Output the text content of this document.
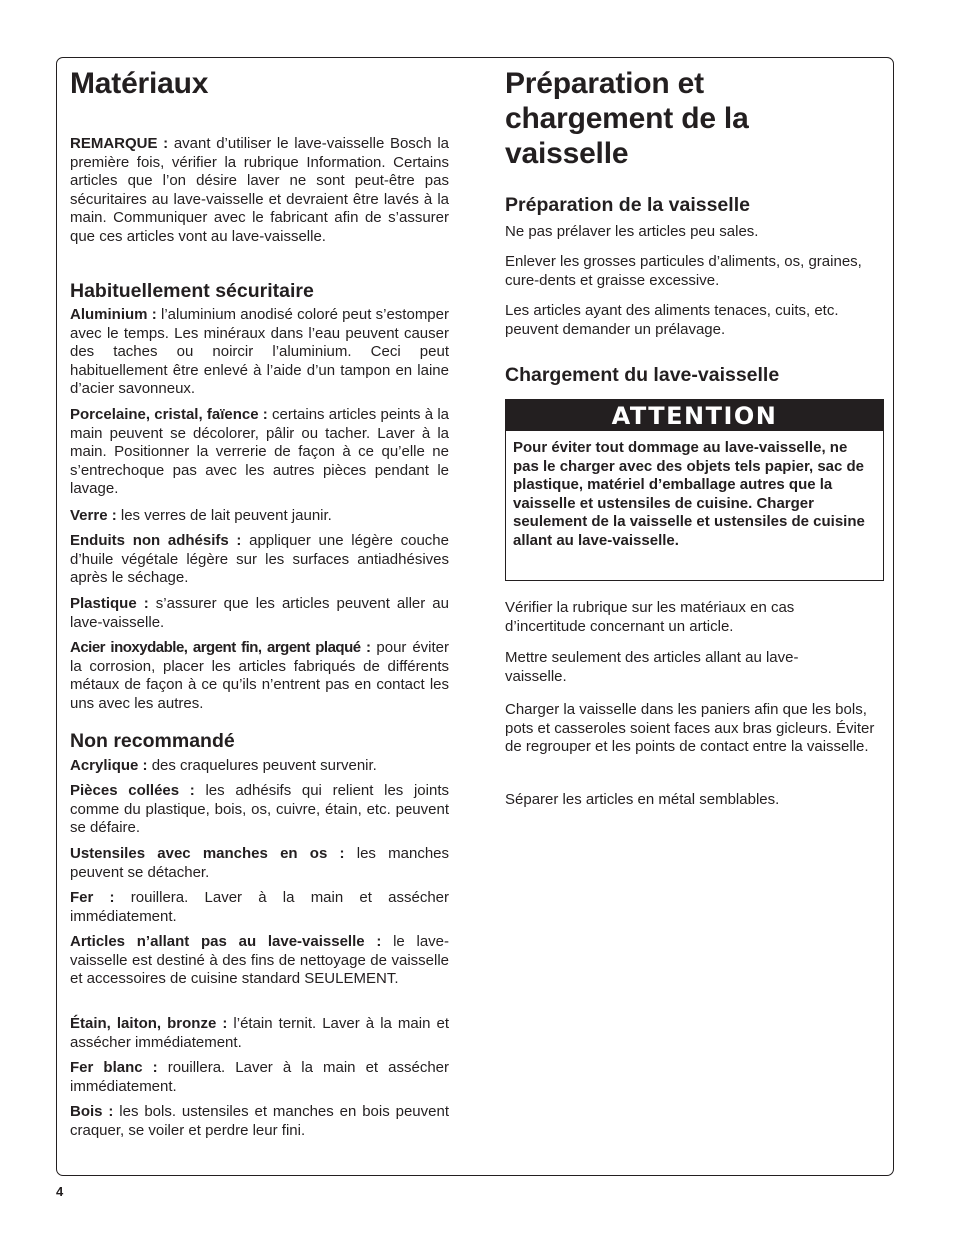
Matériaux

REMARQUE : avant d’utiliser le lave-vaisselle Bosch la première fois, vérifier la rubrique Information. Certains articles que l’on désire laver ne sont peut-être pas sécuritaires au lave-vaisselle et devraient être lavés à la main. Communiquer avec le fabricant afin de s’assurer que ces articles vont au lave-vaisselle.

Habituellement sécuritaire

Aluminium : l’aluminium anodisé coloré peut s’estomper avec le temps. Les minéraux dans l’eau peuvent causer des taches ou noircir l’aluminium. Ceci peut habituellement être enlevé à l’aide d’un tampon en laine d’acier savonneux.

Porcelaine, cristal, faïence : certains articles peints à la main peuvent se décolorer, pâlir ou tacher. Laver à la main. Positionner la verrerie de façon à ce qu’elle ne s’entrechoque pas avec les autres pièces pendant le lavage.

Verre : les verres de lait peuvent jaunir.

Enduits non adhésifs : appliquer une légère couche d’huile végétale légère sur les surfaces antiadhésives après le séchage.

Plastique : s’assurer que les articles peuvent aller au lave-vaisselle.

Acier inoxydable, argent fin, argent plaqué : pour éviter la corrosion, placer les articles fabriqués de différents métaux de façon à ce qu’ils n’entrent pas en contact les uns avec les autres.

Non recommandé

Acrylique : des craquelures peuvent survenir.

Pièces collées : les adhésifs qui relient les joints comme du plastique, bois, os, cuivre, étain, etc. peuvent se défaire.

Ustensiles avec manches en os : les manches peuvent se détacher.

Fer : rouillera. Laver à la main et assécher immédiatement.

Articles n’allant pas au lave-vaisselle : le lave-vaisselle est destiné à des fins de nettoyage de vaisselle et accessoires de cuisine standard SEULEMENT.

Étain, laiton, bronze : l’étain ternit. Laver à la main et assécher immédiatement.

Fer blanc : rouillera. Laver à la main et assécher immédiatement.

Bois : les bols. ustensiles et manches en bois peuvent craquer, se voiler et perdre leur fini.

Préparation et
chargement de la
vaisselle
Préparation de la vaisselle

Ne pas prélaver les articles peu sales.

Enlever les grosses particules d’aliments, os, graines, cure-dents et graisse excessive.

Les articles ayant des aliments tenaces, cuits, etc. peuvent demander un prélavage.

Chargement du lave-vaisselle
ATTENTION
Pour éviter tout dommage au lave-vaisselle, ne pas le charger avec des objets tels papier, sac de plastique, matériel d’emballage autres que la vaisselle et ustensiles de cuisine. Charger seulement de la vaisselle et ustensiles de cuisine allant au lave-vaisselle.

Vérifier la rubrique sur les matériaux en cas d’incertitude concernant un article.

Mettre seulement des articles allant au lave-vaisselle.

Charger la vaisselle dans les paniers afin que les bols, pots et casseroles soient faces aux bras gicleurs. Éviter de regrouper et les points de contact entre la vaisselle.

Séparer les articles en métal semblables.

4
